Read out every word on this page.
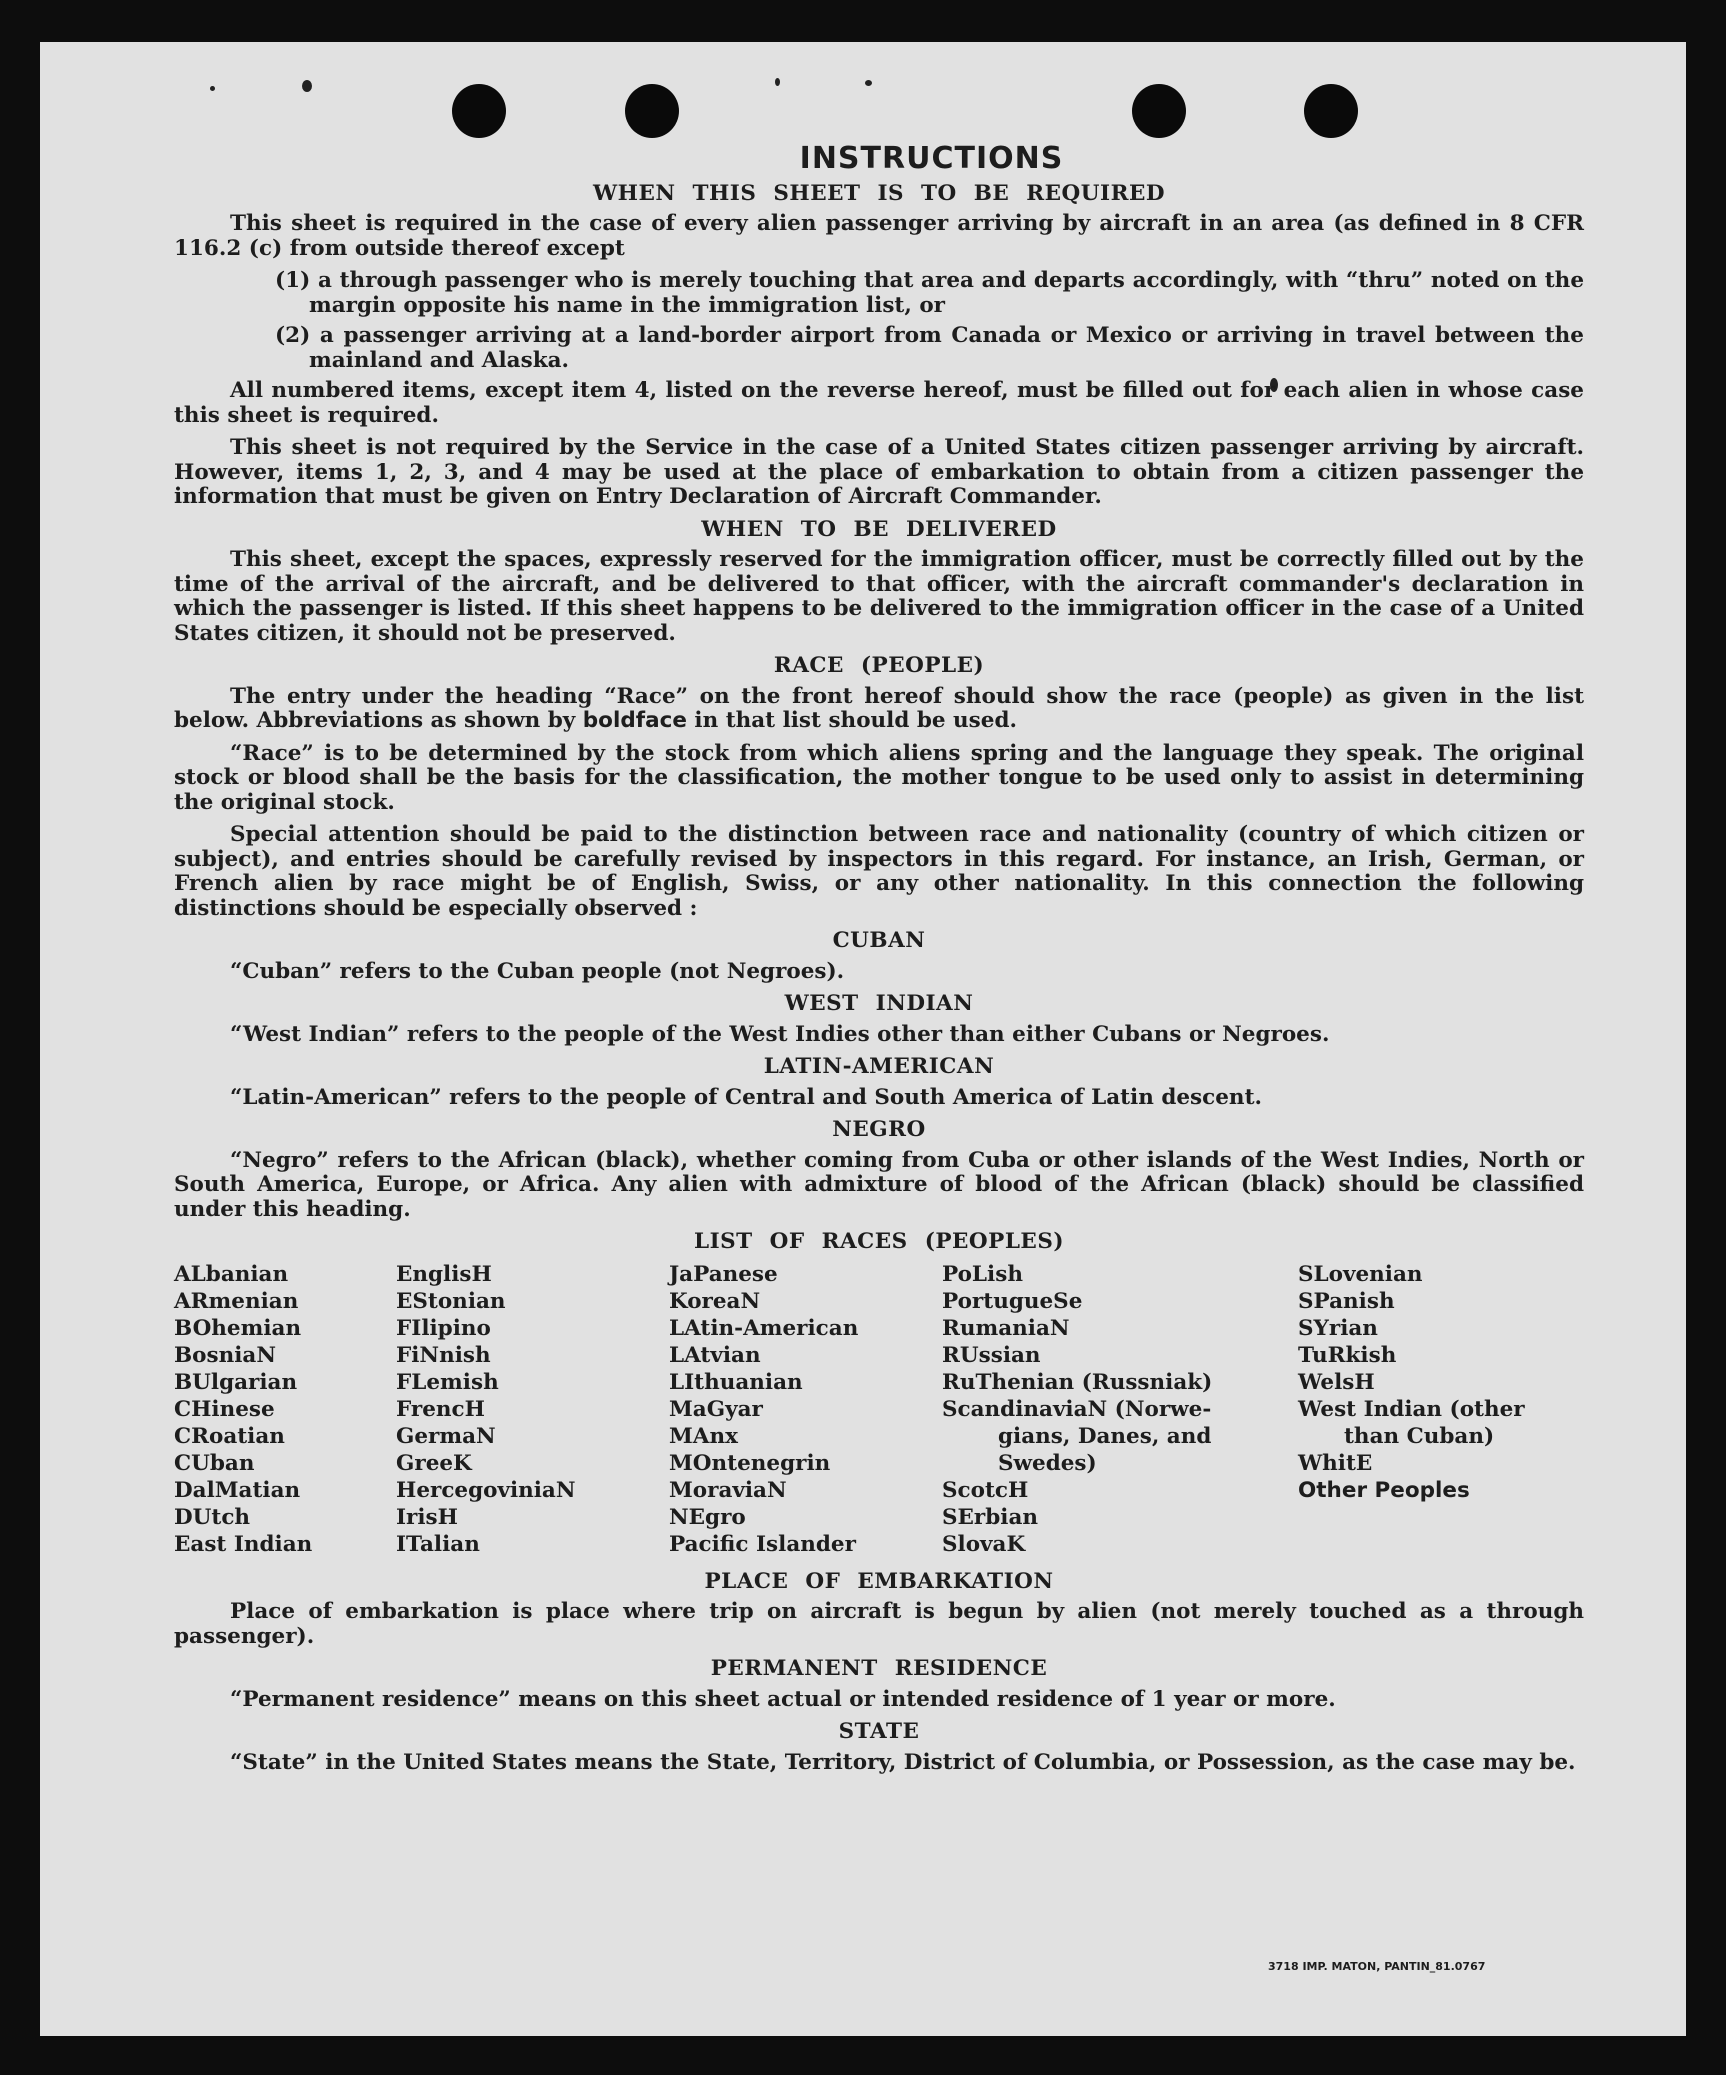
INSTRUCTIONS
WHEN THIS SHEET IS TO BE REQUIRED

This sheet is required in the case of every alien passenger arriving by aircraft in an area (as defined in 8 CFR 116.2 (c) from outside thereof except

(1) a through passenger who is merely touching that area and departs accordingly, with “thru” noted on the margin opposite his name in the immigration list, or
(2) a passenger arriving at a land-border airport from Canada or Mexico or arriving in travel between the mainland and Alaska.

All numbered items, except item 4, listed on the reverse hereof, must be filled out for each alien in whose case this sheet is required.

This sheet is not required by the Service in the case of a United States citizen passenger arriving by aircraft. However, items 1, 2, 3, and 4 may be used at the place of embarkation to obtain from a citizen passenger the information that must be given on Entry Declaration of Aircraft Commander.

WHEN TO BE DELIVERED

This sheet, except the spaces, expressly reserved for the immigration officer, must be correctly filled out by the time of the arrival of the aircraft, and be delivered to that officer, with the aircraft commander's declaration in which the passenger is listed. If this sheet happens to be delivered to the immigration officer in the case of a United States citizen, it should not be preserved.

RACE (PEOPLE)

The entry under the heading “Race” on the front hereof should show the race (people) as given in the list below. Abbreviations as shown by boldface in that list should be used.

“Race” is to be determined by the stock from which aliens spring and the language they speak. The original stock or blood shall be the basis for the classification, the mother tongue to be used only to assist in determining the original stock.

Special attention should be paid to the distinction between race and nationality (country of which citizen or subject), and entries should be carefully revised by inspectors in this regard. For instance, an Irish, German, or French alien by race might be of English, Swiss, or any other nationality. In this connection the following distinctions should be especially observed :

CUBAN

“Cuban” refers to the Cuban people (not Negroes).

WEST INDIAN

“West Indian” refers to the people of the West Indies other than either Cubans or Negroes.

LATIN-AMERICAN

“Latin-American” refers to the people of Central and South America of Latin descent.

NEGRO

“Negro” refers to the African (black), whether coming from Cuba or other islands of the West Indies, North or South America, Europe, or Africa. Any alien with admixture of blood of the African (black) should be classified under this heading.

LIST OF RACES (PEOPLES)
ALbanian
ARmenian
BOhemian
BosniaN
BUlgarian
CHinese
CRoatian
CUban
DalMatian
DUtch
East Indian
EnglisH
EStonian
FIlipino
FiNnish
FLemish
FrencH
GermaN
GreeK
HercegoviniaN
IrisH
ITalian
JaPanese
KoreaN
LAtin-American
LAtvian
LIthuanian
MaGyar
MAnx
MOntenegrin
MoraviaN
NEgro
Pacific Islander
PoLish
PortugueSe
RumaniaN
RUssian
RuThenian (Russniak)
ScandinaviaN (Norwe-
gians, Danes, and
Swedes)
ScotcH
SErbian
SlovaK
SLovenian
SPanish
SYrian
TuRkish
WelsH
West Indian (other
than Cuban)
WhitE
Other Peoples
PLACE OF EMBARKATION

Place of embarkation is place where trip on aircraft is begun by alien (not merely touched as a through passenger).

PERMANENT RESIDENCE

“Permanent residence” means on this sheet actual or intended residence of 1 year or more.

STATE

“State” in the United States means the State, Territory, District of Columbia, or Possession, as the case may be.

3718 IMP. MATON, PANTIN_81.0767
